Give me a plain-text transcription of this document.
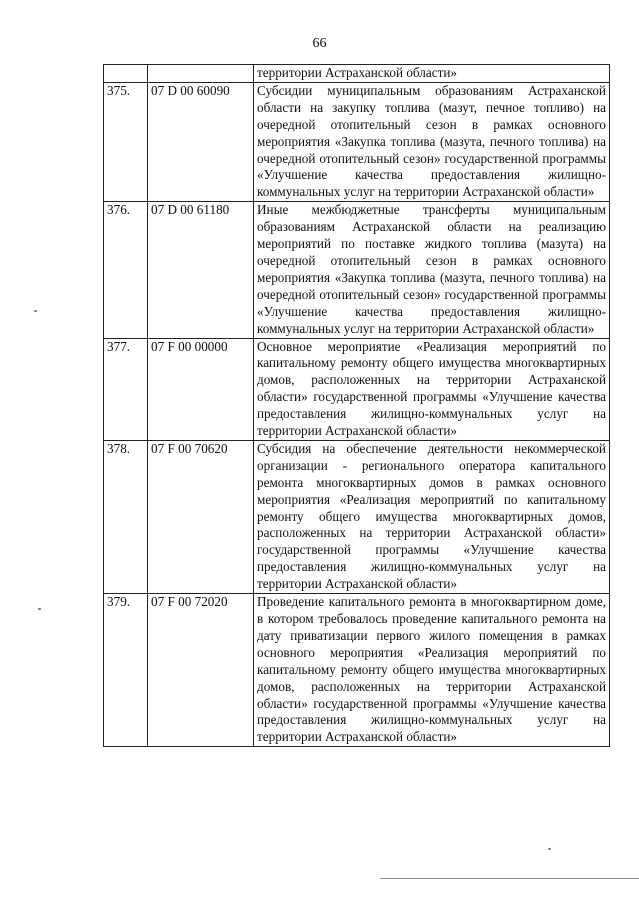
66
		территории Астраханской области»
375.	07 D 00 60090	Субсидии муниципальным образованиям Астраханской области на закупку топлива (мазут, печное топливо) на очередной отопительный сезон в рамках основного мероприятия «Закупка топлива (мазута, печного топлива) на очередной отопительный сезон» государственной программы «Улучшение качества предоставления жилищно-коммунальных услуг на территории Астраханской области»
376.	07 D 00 61180	Иные межбюджетные трансферты муниципальным образованиям Астраханской области на реализацию мероприятий по поставке жидкого топлива (мазута) на очередной отопительный сезон в рамках основного мероприятия «Закупка топлива (мазута, печного топлива) на очередной отопительный сезон» государственной программы «Улучшение качества предоставления жилищно-коммунальных услуг на территории Астраханской области»
377.	07 F 00 00000	Основное мероприятие «Реализация мероприятий по капитальному ремонту общего имущества многоквартирных домов, расположенных на территории Астраханской области» государственной программы «Улучшение качества предоставления жилищно-коммунальных услуг на территории Астраханской области»
378.	07 F 00 70620	Субсидия на обеспечение деятельности некоммерческой организации - регионального оператора капитального ремонта многоквартирных домов в рамках основного мероприятия «Реализация мероприятий по капитальному ремонту общего имущества многоквартирных домов, расположенных на территории Астраханской области» государственной программы «Улучшение качества предоставления жилищно-коммунальных услуг на территории Астраханской области»
379.	07 F 00 72020	Проведение капитального ремонта в многоквартирном доме, в котором требовалось проведение капитального ремонта на дату приватизации первого жилого помещения в рамках основного мероприятия «Реализация мероприятий по капитальному ремонту общего имущества многоквартирных домов, расположенных на территории Астраханской области» государственной программы «Улучшение качества предоставления жилищно-коммунальных услуг на территории Астраханской области»
